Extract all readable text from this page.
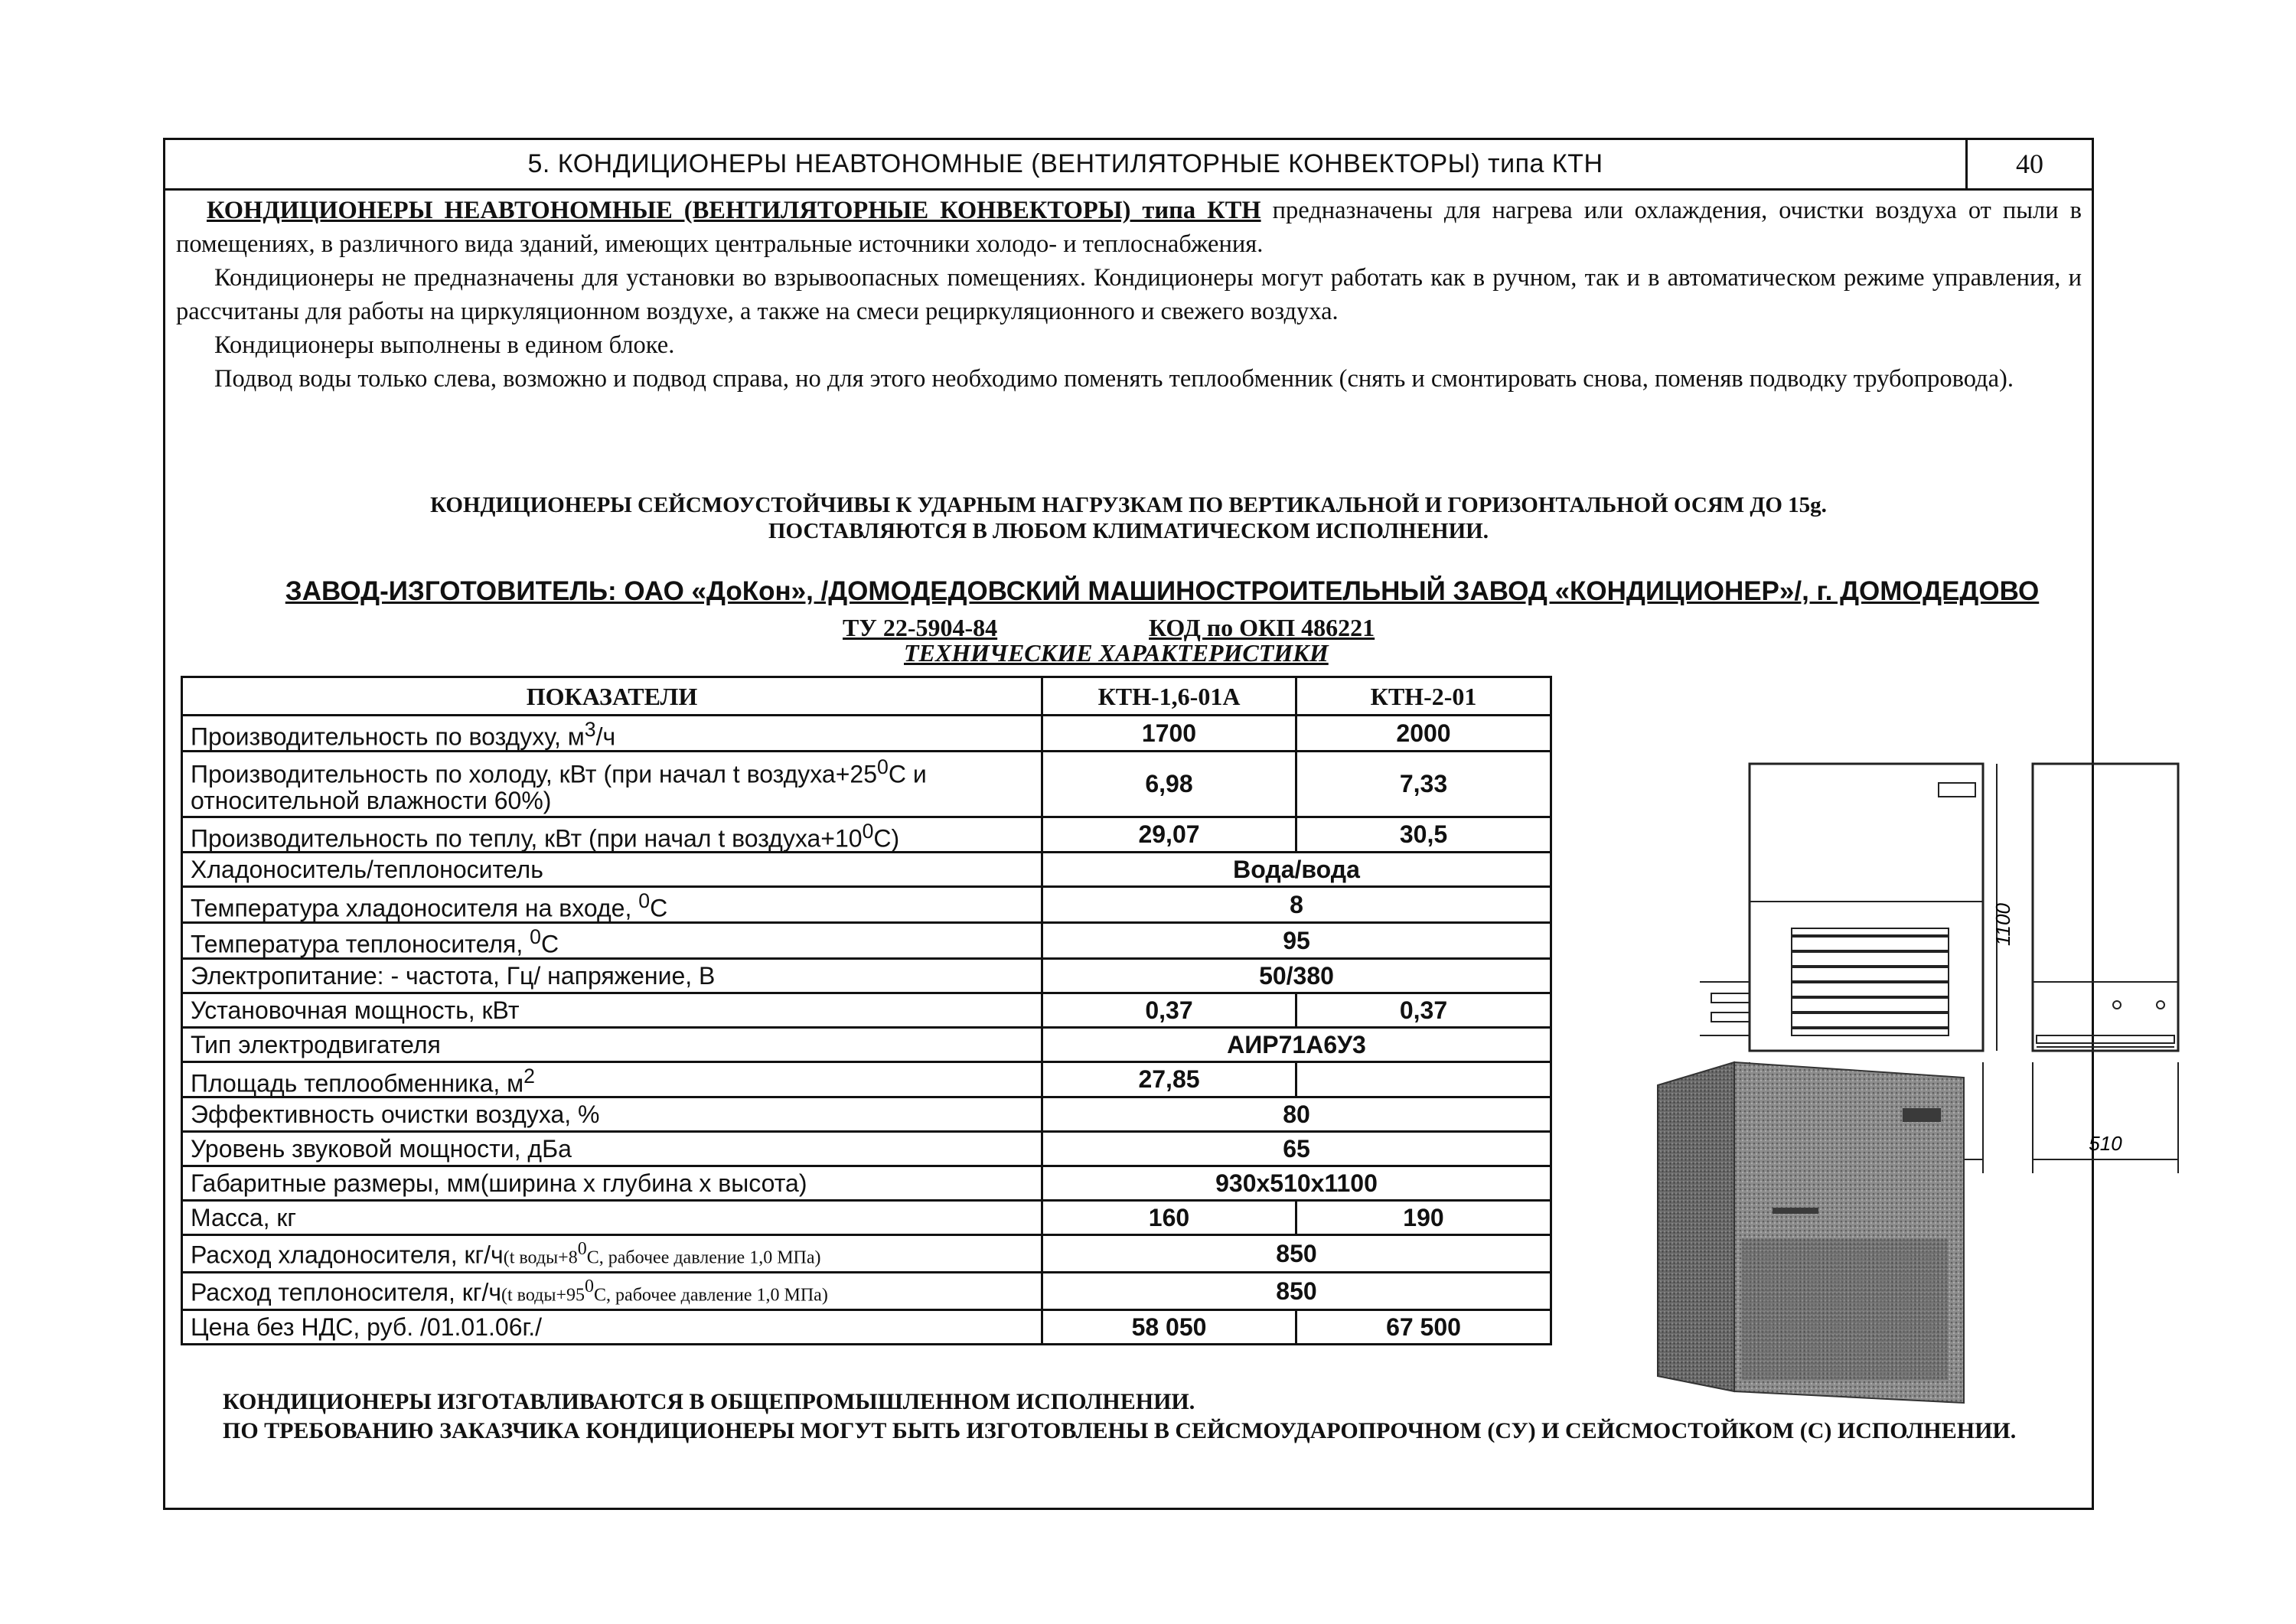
5. КОНДИЦИОНЕРЫ НЕАВТОНОМНЫЕ (ВЕНТИЛЯТОРНЫЕ КОНВЕКТОРЫ) типа КТН	40

КОНДИЦИОНЕРЫ НЕАВТОНОМНЫЕ (ВЕНТИЛЯТОРНЫЕ КОНВЕКТОРЫ) типа КТН предназначены для нагрева или охлаждения, очистки воздуха от пыли в помещениях, в различного вида зданий, имеющих центральные источники холодо- и теплоснабжения.

Кондиционеры не предназначены для установки во взрывоопасных помещениях. Кондиционеры могут работать как в ручном, так и в автоматическом режиме управления, и рассчитаны для работы на циркуляционном воздухе, а также на смеси рециркуляционного и свежего воздуха.

Кондиционеры выполнены в едином блоке.

Подвод воды только слева, возможно и подвод справа, но для этого необходимо поменять теплообменник (снять и смонтировать снова, поменяв подводку трубопровода).

КОНДИЦИОНЕРЫ СЕЙСМОУСТОЙЧИВЫ К УДАРНЫМ НАГРУЗКАМ ПО ВЕРТИКАЛЬНОЙ И ГОРИЗОНТАЛЬНОЙ ОСЯМ ДО 15g.
ПОСТАВЛЯЮТСЯ В ЛЮБОМ КЛИМАТИЧЕСКОМ ИСПОЛНЕНИИ.
ЗАВОД-ИЗГОТОВИТЕЛЬ: ОАО «ДоКон», /ДОМОДЕДОВСКИЙ МАШИНОСТРОИТЕЛЬНЫЙ ЗАВОД «КОНДИЦИОНЕР»/, г. ДОМОДЕДОВО
ТУ 22-5904-84	КОД по ОКП 486221
ТЕХНИЧЕСКИЕ ХАРАКТЕРИСТИКИ
ПОКАЗАТЕЛИ	КТН-1,6-01А	КТН-2-01
Производительность по воздуху, $м^3/ч$	1700	2000
Производительность по холоду, кВт (при начал t $воздуха+25^0С$ и относительной влажности 60%)	6,98	7,33
Производительность по теплу, кВт (при начал t $воздуха+10^0С$)	29,07	30,5
Хладоноситель/теплоноситель	Вода/вода	
Температура хладоносителя на входе, $^0$С	8	
Температура теплоносителя, $^0$С	95	
Электропитание: - частота, Гц/ напряжение, В	50/380	
Установочная мощность, кВт	0,37	0,37
Тип электродвигателя	АИР71А6У3	
Площадь теплообменника, $м^2$	27,85	
Эффективность очистки воздуха, %	80	
Уровень звуковой мощности, дБа	65	
Габаритные размеры, мм(ширина х глубина х высота)	930х510х1100	
Масса, кг	160	190
Расход хладоносителя, кг/ч(t $воды+8^0С$, рабочее давление 1,0 МПа)	850	
Расход теплоносителя, кг/ч(t $воды+95^0С$, рабочее давление 1,0 МПа)	850	
Цена без НДС, руб. /01.01.06г./	58 050	67 500
1100
510

КОНДИЦИОНЕРЫ ИЗГОТАВЛИВАЮТСЯ В ОБЩЕПРОМЫШЛЕННОМ ИСПОЛНЕНИИ.

ПО ТРЕБОВАНИЮ ЗАКАЗЧИКА КОНДИЦИОНЕРЫ МОГУТ БЫТЬ ИЗГОТОВЛЕНЫ В СЕЙСМОУДАРОПРОЧНОМ (СУ) И СЕЙСМОСТОЙКОМ (С) ИСПОЛНЕНИИ.
